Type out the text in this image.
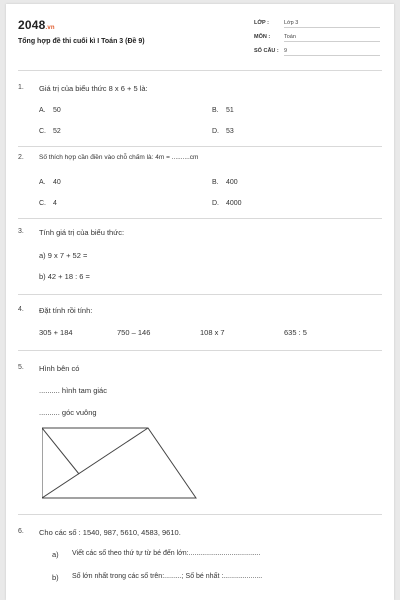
2048.vn
Tổng hợp đề thi cuối kì I Toán 3 (Đề 9)
LỚP :	Lớp 3
MÔN :	Toán
SỐ CÂU : 9
1. Giá trị của biểu thức 8 x 6 + 5 là:
A. 50	B. 51
C. 52	D. 53
2. Số thích hợp cần điền vào chỗ chấm là: 4m = ..........cm
A. 40	B. 400
C. 4	D. 4000
3. Tính giá trị của biểu thức:
a) 9 x 7 + 52 =
b) 42 + 18 : 6 =
4. Đặt tính rồi tính:
305 + 184	750 – 146	108 x 7	635 : 5
5. Hình bên có
.......... hình tam giác
.......... góc vuông
6. Cho các số : 1540, 987, 5610, 4583, 9610.
a) Viết các số theo thứ tự từ bé đến lớn:.....................................
b) Số lớn nhất trong các số trên:.........; Số bé nhất :....................
